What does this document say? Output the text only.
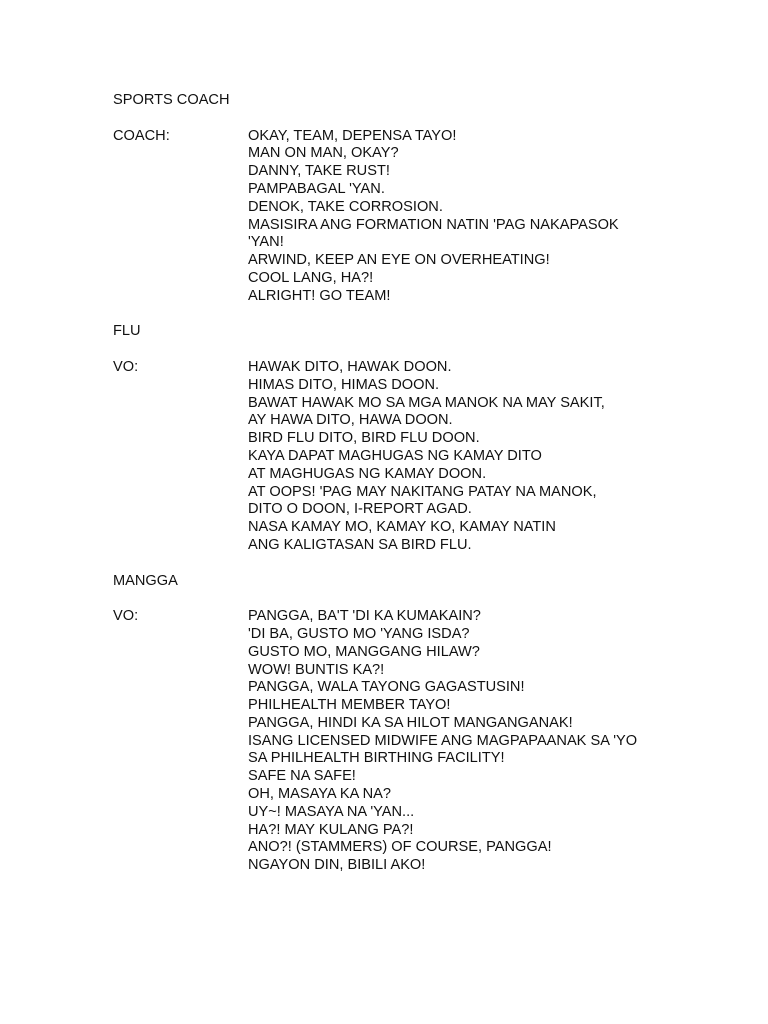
SPORTS COACH
COACH:	OKAY, TEAM, DEPENSA TAYO!
MAN ON MAN, OKAY?
DANNY, TAKE RUST!
PAMPABAGAL 'YAN.
DENOK, TAKE CORROSION.
MASISIRA ANG FORMATION NATIN 'PAG NAKAPASOK
'YAN!
ARWIND, KEEP AN EYE ON OVERHEATING!
COOL LANG, HA?!
ALRIGHT! GO TEAM!
FLU
VO:	HAWAK DITO, HAWAK DOON.
HIMAS DITO, HIMAS DOON.
BAWAT HAWAK MO SA MGA MANOK NA MAY SAKIT,
AY HAWA DITO, HAWA DOON.
BIRD FLU DITO, BIRD FLU DOON.
KAYA DAPAT MAGHUGAS NG KAMAY DITO
AT MAGHUGAS NG KAMAY DOON.
AT OOPS! 'PAG MAY NAKITANG PATAY NA MANOK,
DITO O DOON, I-REPORT AGAD.
NASA KAMAY MO, KAMAY KO, KAMAY NATIN
ANG KALIGTASAN SA BIRD FLU.
MANGGA
VO:	PANGGA, BA'T 'DI KA KUMAKAIN?
'DI BA, GUSTO MO 'YANG ISDA?
GUSTO MO, MANGGANG HILAW?
WOW! BUNTIS KA?!
PANGGA, WALA TAYONG GAGASTUSIN!
PHILHEALTH MEMBER TAYO!
PANGGA, HINDI KA SA HILOT MANGANGANAK!
ISANG LICENSED MIDWIFE ANG MAGPAPAANAK SA 'YO
SA PHILHEALTH BIRTHING FACILITY!
SAFE NA SAFE!
OH, MASAYA KA NA?
UY~! MASAYA NA 'YAN...
HA?! MAY KULANG PA?!
ANO?! (STAMMERS) OF COURSE, PANGGA!
NGAYON DIN, BIBILI AKO!
